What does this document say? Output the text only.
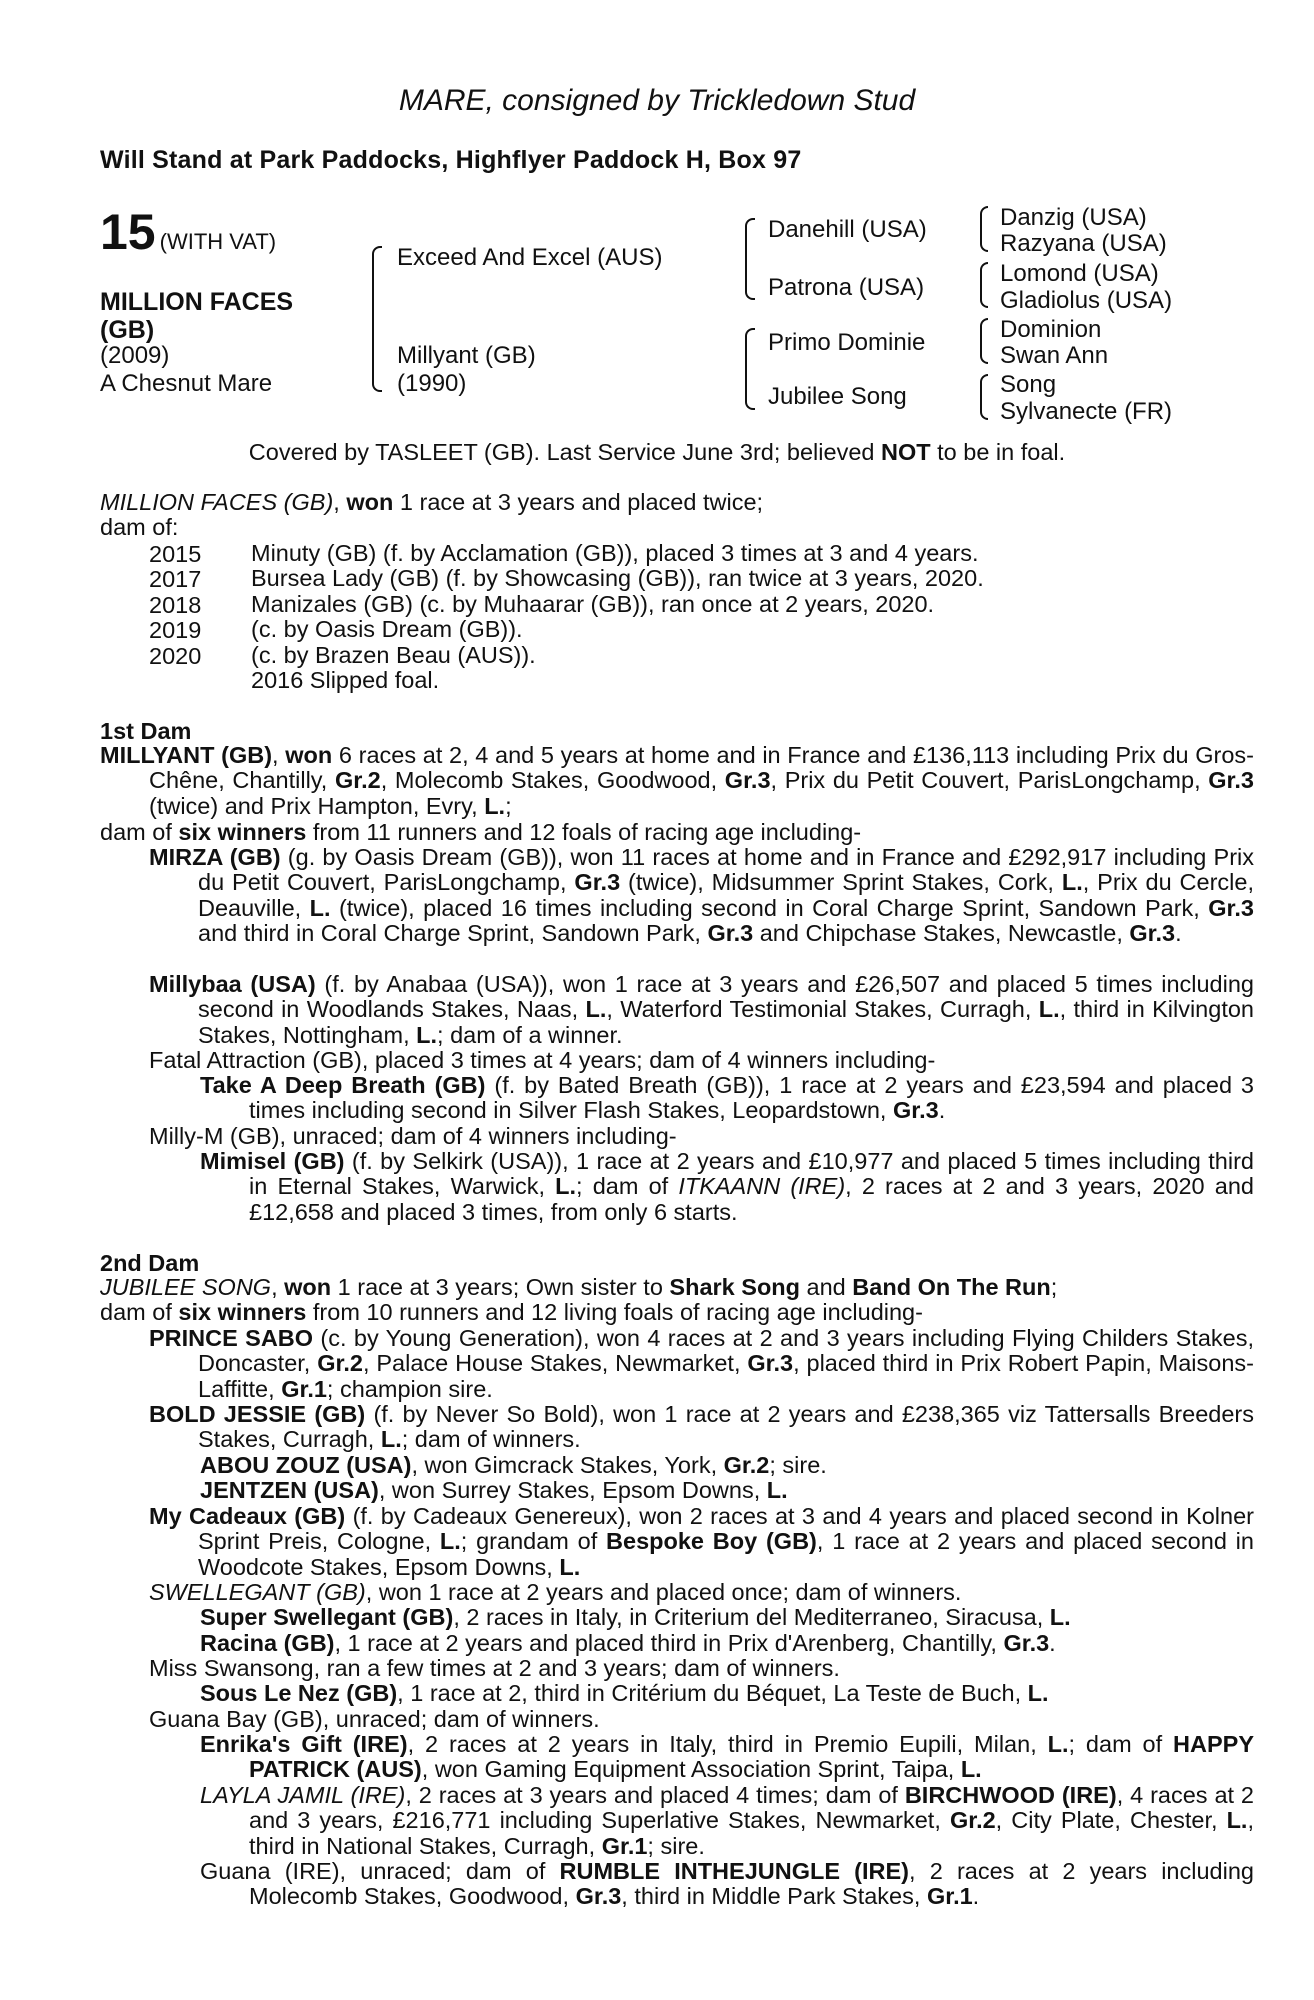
MARE, consigned by Trickledown Stud
Will Stand at Park Paddocks, Highflyer Paddock H, Box 97
15 (WITH VAT)
MILLION FACES
(GB)
(2009)
A Chesnut Mare
Exceed And Excel (AUS)
Millyant (GB)
(1990)
Danehill (USA)
Patrona (USA)
Primo Dominie
Jubilee Song
Danzig (USA)
Razyana (USA)
Lomond (USA)
Gladiolus (USA)
Dominion
Swan Ann
Song
Sylvanecte (FR)
Covered by TASLEET (GB). Last Service June 3rd; believed NOT to be in foal.
MILLION FACES (GB), won 1 race at 3 years and placed twice;
dam of:
2015 Minuty (GB) (f. by Acclamation (GB)), placed 3 times at 3 and 4 years.
2017 Bursea Lady (GB) (f. by Showcasing (GB)), ran twice at 3 years, 2020.
2018 Manizales (GB) (c. by Muhaarar (GB)), ran once at 2 years, 2020.
2019 (c. by Oasis Dream (GB)).
2020 (c. by Brazen Beau (AUS)).
2016 Slipped foal.
1st Dam
MILLYANT (GB), won 6 races at 2, 4 and 5 years at home and in France and £136,113 including Prix du Gros-Chêne, Chantilly, Gr.2, Molecomb Stakes, Goodwood, Gr.3, Prix du Petit Couvert, ParisLongchamp, Gr.3 (twice) and Prix Hampton, Evry, L.;
dam of six winners from 11 runners and 12 foals of racing age including-
MIRZA (GB) (g. by Oasis Dream (GB)), won 11 races at home and in France and £292,917 including Prix du Petit Couvert, ParisLongchamp, Gr.3 (twice), Midsummer Sprint Stakes, Cork, L., Prix du Cercle, Deauville, L. (twice), placed 16 times including second in Coral Charge Sprint, Sandown Park, Gr.3 and third in Coral Charge Sprint, Sandown Park, Gr.3 and Chipchase Stakes, Newcastle, Gr.3.
Millybaa (USA) (f. by Anabaa (USA)), won 1 race at 3 years and £26,507 and placed 5 times including second in Woodlands Stakes, Naas, L., Waterford Testimonial Stakes, Curragh, L., third in Kilvington Stakes, Nottingham, L.; dam of a winner.
Fatal Attraction (GB), placed 3 times at 4 years; dam of 4 winners including-
Take A Deep Breath (GB) (f. by Bated Breath (GB)), 1 race at 2 years and £23,594 and placed 3 times including second in Silver Flash Stakes, Leopardstown, Gr.3.
Milly-M (GB), unraced; dam of 4 winners including-
Mimisel (GB) (f. by Selkirk (USA)), 1 race at 2 years and £10,977 and placed 5 times including third in Eternal Stakes, Warwick, L.; dam of ITKAANN (IRE), 2 races at 2 and 3 years, 2020 and £12,658 and placed 3 times, from only 6 starts.
2nd Dam
JUBILEE SONG, won 1 race at 3 years; Own sister to Shark Song and Band On The Run;
dam of six winners from 10 runners and 12 living foals of racing age including-
PRINCE SABO (c. by Young Generation), won 4 races at 2 and 3 years including Flying Childers Stakes, Doncaster, Gr.2, Palace House Stakes, Newmarket, Gr.3, placed third in Prix Robert Papin, Maisons-Laffitte, Gr.1; champion sire.
BOLD JESSIE (GB) (f. by Never So Bold), won 1 race at 2 years and £238,365 viz Tattersalls Breeders Stakes, Curragh, L.; dam of winners.
ABOU ZOUZ (USA), won Gimcrack Stakes, York, Gr.2; sire.
JENTZEN (USA), won Surrey Stakes, Epsom Downs, L.
My Cadeaux (GB) (f. by Cadeaux Genereux), won 2 races at 3 and 4 years and placed second in Kolner Sprint Preis, Cologne, L.; grandam of Bespoke Boy (GB), 1 race at 2 years and placed second in Woodcote Stakes, Epsom Downs, L.
SWELLEGANT (GB), won 1 race at 2 years and placed once; dam of winners.
Super Swellegant (GB), 2 races in Italy, in Criterium del Mediterraneo, Siracusa, L.
Racina (GB), 1 race at 2 years and placed third in Prix d'Arenberg, Chantilly, Gr.3.
Miss Swansong, ran a few times at 2 and 3 years; dam of winners.
Sous Le Nez (GB), 1 race at 2, third in Critérium du Béquet, La Teste de Buch, L.
Guana Bay (GB), unraced; dam of winners.
Enrika's Gift (IRE), 2 races at 2 years in Italy, third in Premio Eupili, Milan, L.; dam of HAPPY PATRICK (AUS), won Gaming Equipment Association Sprint, Taipa, L.
LAYLA JAMIL (IRE), 2 races at 3 years and placed 4 times; dam of BIRCHWOOD (IRE), 4 races at 2 and 3 years, £216,771 including Superlative Stakes, Newmarket, Gr.2, City Plate, Chester, L., third in National Stakes, Curragh, Gr.1; sire.
Guana (IRE), unraced; dam of RUMBLE INTHEJUNGLE (IRE), 2 races at 2 years including Molecomb Stakes, Goodwood, Gr.3, third in Middle Park Stakes, Gr.1.
